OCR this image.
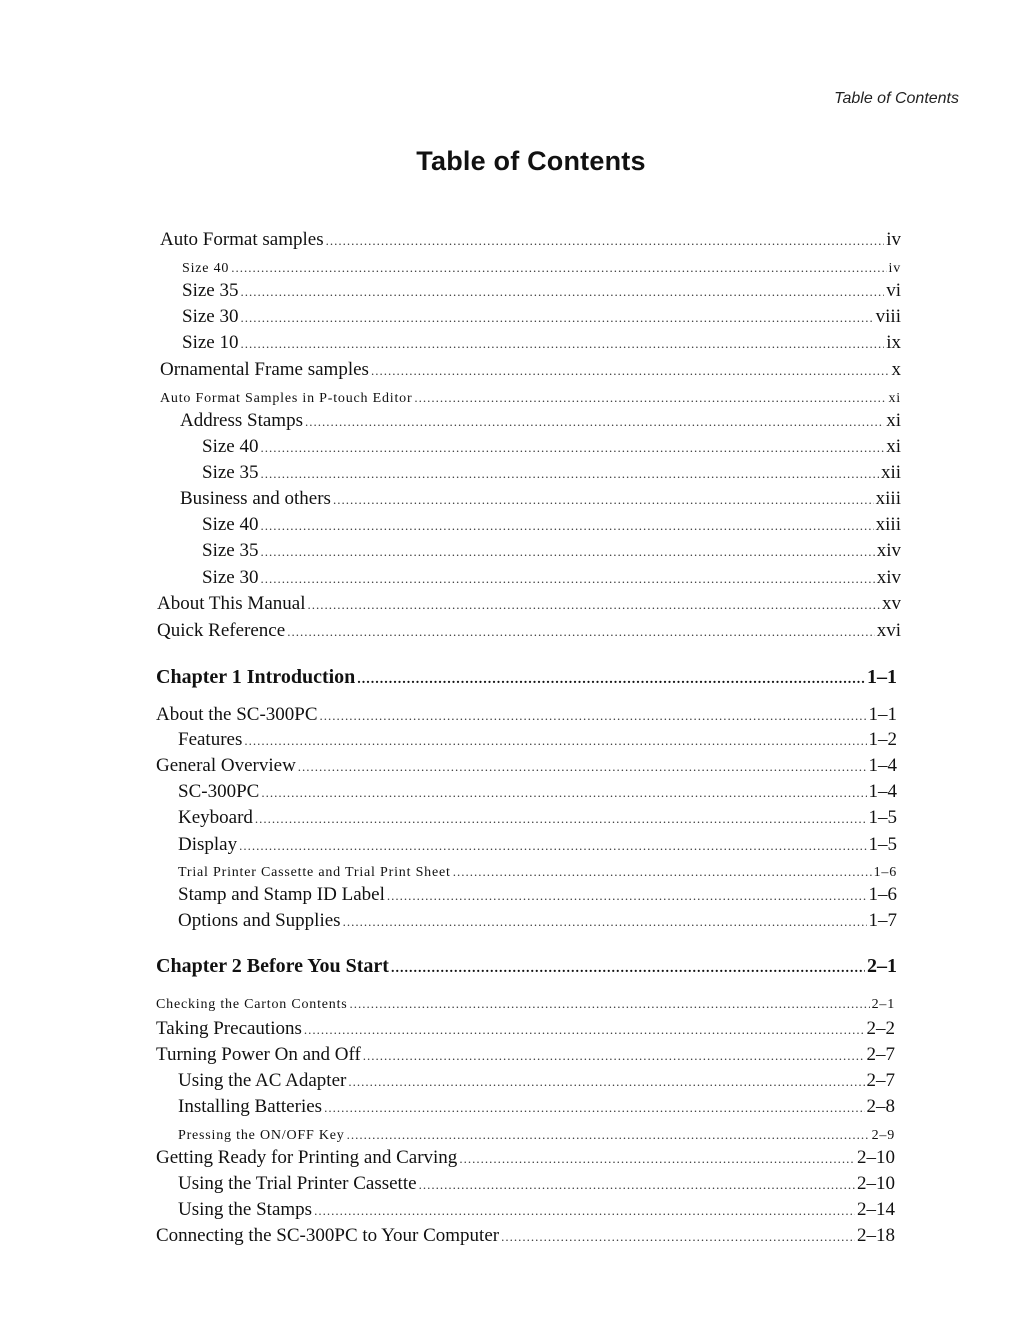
Table of Contents
Table of Contents
Auto Format samples .....	iv
Size 40 .....	iv
Size 35 .....	vi
Size 30 .....	viii
Size 10 .....	ix
Ornamental Frame samples .....	x
Auto Format Samples in P-touch Editor .....	xi
Address Stamps .....	xi
Size 40 .....	xi
Size 35 .....	xii
Business and others .....	xiii
Size 40 .....	xiii
Size 35 .....	xiv
Size 30 .....	xiv
About This Manual .....	xv
Quick Reference .....	xvi
Chapter 1 Introduction .....	1–1
About the SC-300PC .....	1–1
Features .....	1–2
General Overview .....	1–4
SC-300PC .....	1–4
Keyboard .....	1–5
Display .....	1–5
Trial Printer Cassette and Trial Print Sheet .....	1–6
Stamp and Stamp ID Label .....	1–6
Options and Supplies .....	1–7
Chapter 2 Before You Start .....	2–1
Checking the Carton Contents .....	2–1
Taking Precautions .....	2–2
Turning Power On and Off .....	2–7
Using the AC Adapter .....	2–7
Installing Batteries .....	2–8
Pressing the ON/OFF Key .....	2–9
Getting Ready for Printing and Carving .....	2–10
Using the Trial Printer Cassette .....	2–10
Using the Stamps .....	2–14
Connecting the SC-300PC to Your Computer .....	2–18
